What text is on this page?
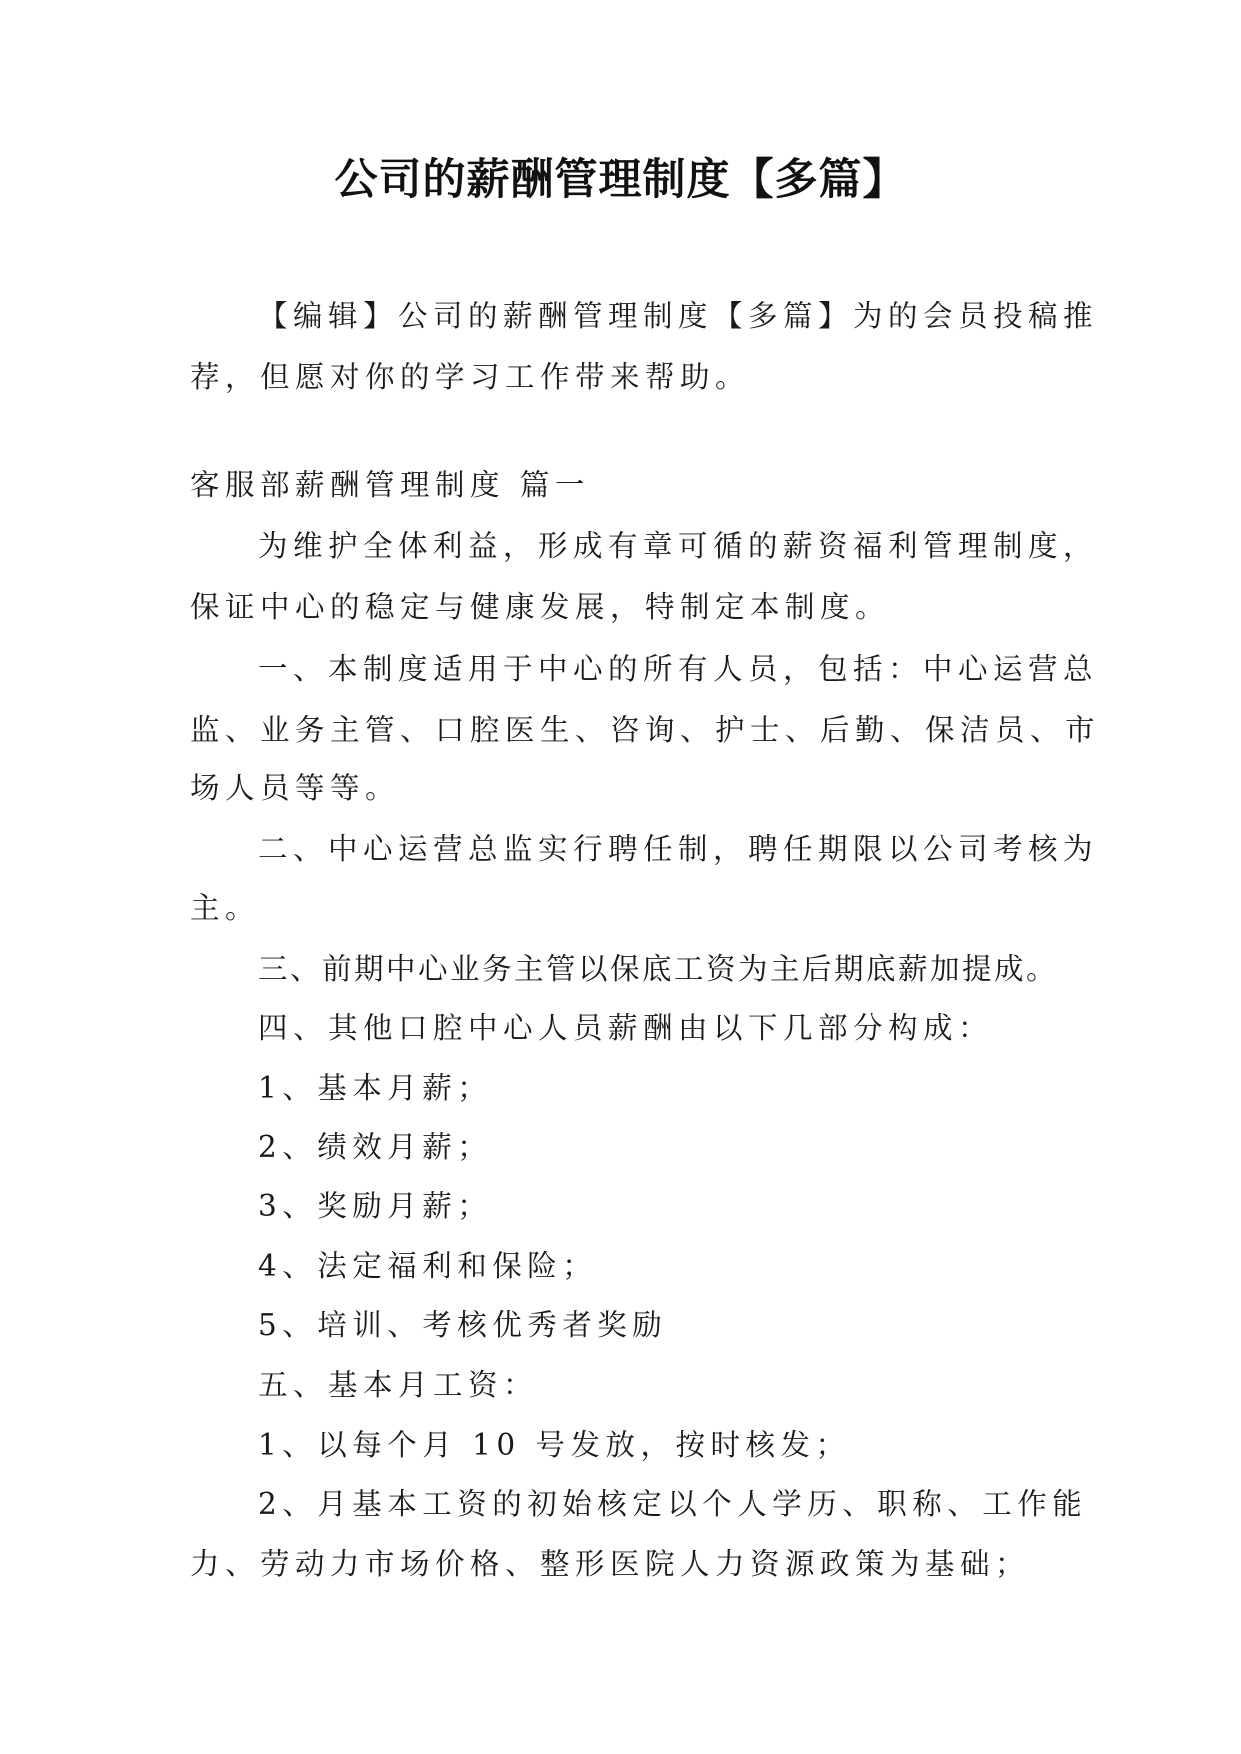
公司的薪酬管理制度【多篇】
【编辑】公司的薪酬管理制度【多篇】为的会员投稿推
荐，但愿对你的学习工作带来帮助。
客服部薪酬管理制度 篇一
为维护全体利益，形成有章可循的薪资福利管理制度，
保证中心的稳定与健康发展，特制定本制度。
一、本制度适用于中心的所有人员，包括：中心运营总
监、业务主管、口腔医生、咨询、护士、后勤、保洁员、市
场人员等等。
二、中心运营总监实行聘任制，聘任期限以公司考核为
主。
三、前期中心业务主管以保底工资为主后期底薪加提成。
四、其他口腔中心人员薪酬由以下几部分构成：
1、基本月薪；
2、绩效月薪；
3、奖励月薪；
4、法定福利和保险；
5、培训、考核优秀者奖励
五、基本月工资：
1、以每个月 10 号发放，按时核发；
2、月基本工资的初始核定以个人学历、职称、工作能
力、劳动力市场价格、整形医院人力资源政策为基础；
